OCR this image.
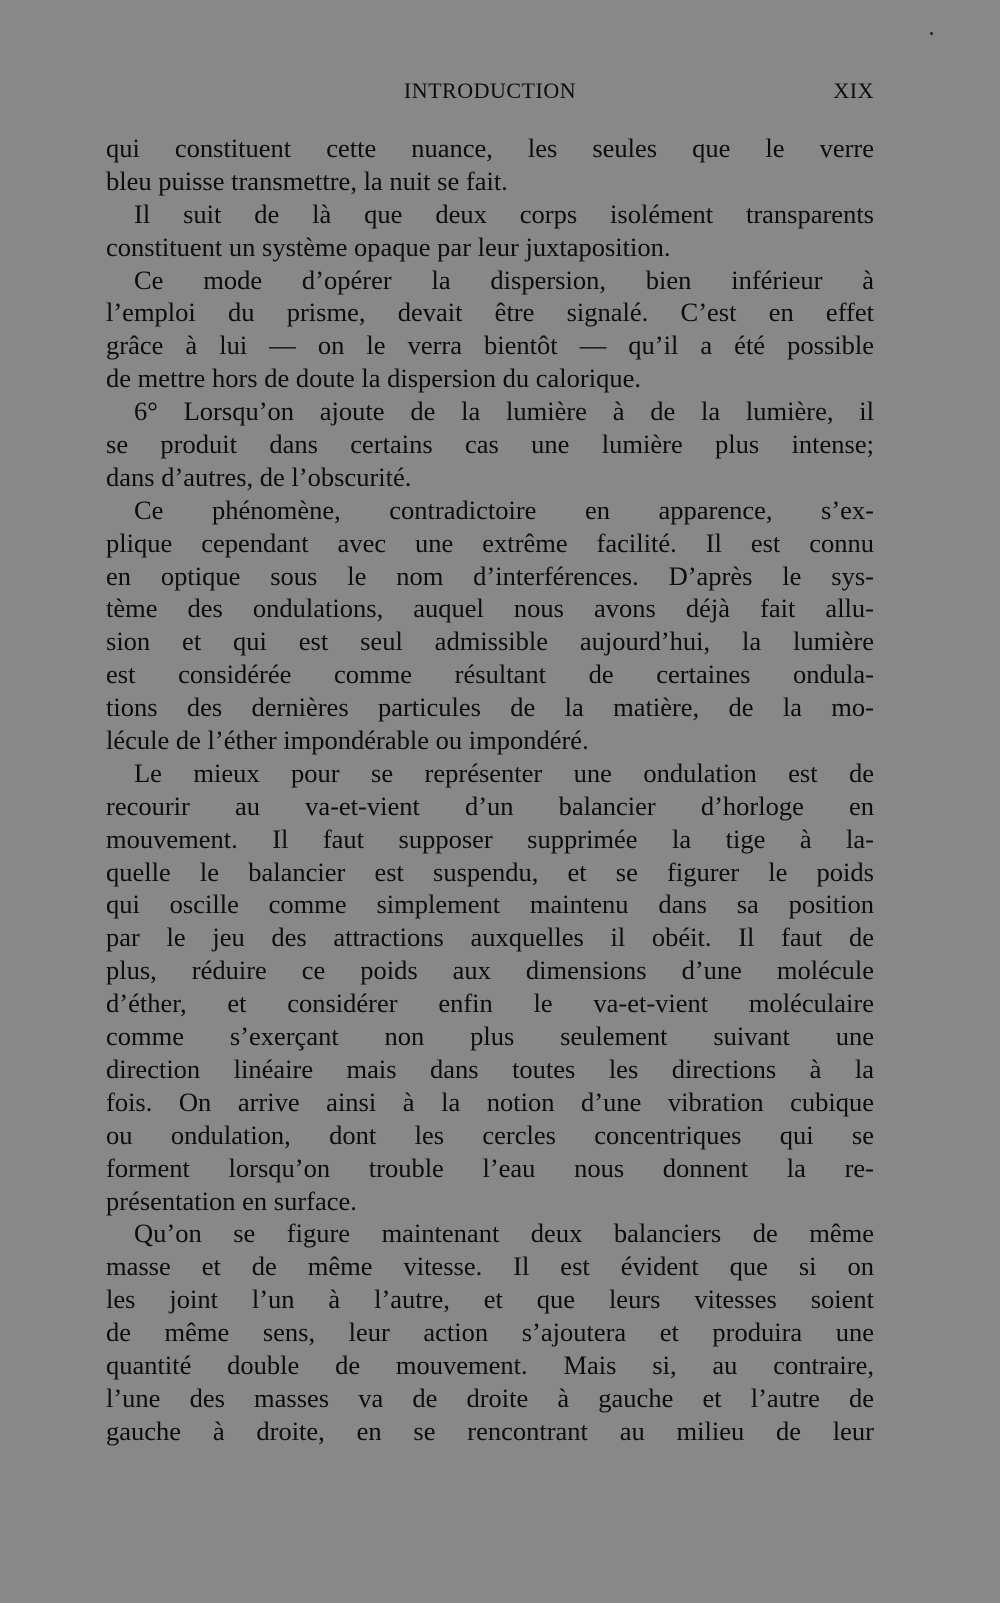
INTRODUCTION	XIX
qui constituent cette nuance, les seules que le verre
bleu puisse transmettre, la nuit se fait.
Il suit de là que deux corps isolément transparents
constituent un système opaque par leur juxtaposition.
Ce mode d’opérer la dispersion, bien inférieur à
l’emploi du prisme, devait être signalé. C’est en effet
grâce à lui — on le verra bientôt — qu’il a été possible
de mettre hors de doute la dispersion du calorique.
6° Lorsqu’on ajoute de la lumière à de la lumière, il
se produit dans certains cas une lumière plus intense;
dans d’autres, de l’obscurité.
Ce phénomène, contradictoire en apparence, s’ex-
plique cependant avec une extrême facilité. Il est connu
en optique sous le nom d’interférences. D’après le sys-
tème des ondulations, auquel nous avons déjà fait allu-
sion et qui est seul admissible aujourd’hui, la lumière
est considérée comme résultant de certaines ondula-
tions des dernières particules de la matière, de la mo-
lécule de l’éther impondérable ou impondéré.
Le mieux pour se représenter une ondulation est de
recourir au va-et-vient d’un balancier d’horloge en
mouvement. Il faut supposer supprimée la tige à la-
quelle le balancier est suspendu, et se figurer le poids
qui oscille comme simplement maintenu dans sa position
par le jeu des attractions auxquelles il obéit. Il faut de
plus, réduire ce poids aux dimensions d’une molécule
d’éther, et considérer enfin le va-et-vient moléculaire
comme s’exerçant non plus seulement suivant une
direction linéaire mais dans toutes les directions à la
fois. On arrive ainsi à la notion d’une vibration cubique
ou ondulation, dont les cercles concentriques qui se
forment lorsqu’on trouble l’eau nous donnent la re-
présentation en surface.
Qu’on se figure maintenant deux balanciers de même
masse et de même vitesse. Il est évident que si on
les joint l’un à l’autre, et que leurs vitesses soient
de même sens, leur action s’ajoutera et produira une
quantité double de mouvement. Mais si, au contraire,
l’une des masses va de droite à gauche et l’autre de
gauche à droite, en se rencontrant au milieu de leur
